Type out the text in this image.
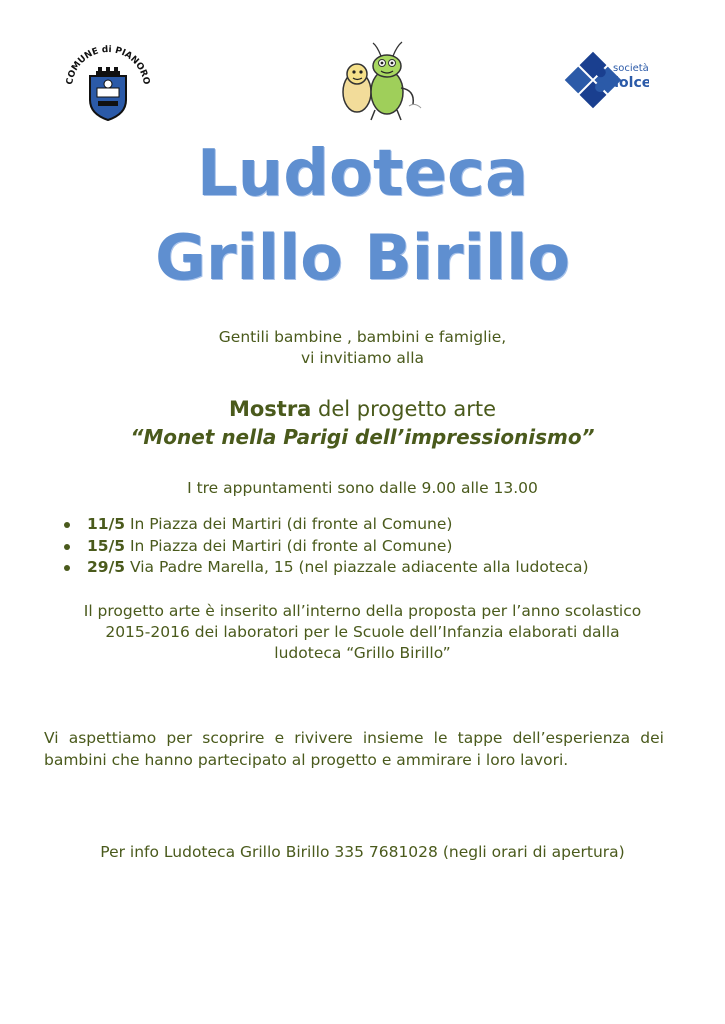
COMUNE di PIANORO
società
dolce
Ludoteca
Grillo Birillo
Gentili bambine , bambini e famiglie,
vi invitiamo alla
Mostra del progetto arte
“Monet nella Parigi dell’impressionismo”
I tre appuntamenti sono dalle 9.00 alle 13.00
11/5 In Piazza dei Martiri (di fronte al Comune)
15/5 In Piazza dei Martiri (di fronte al Comune)
29/5 Via Padre Marella, 15 (nel piazzale adiacente alla ludoteca)
Il progetto arte è inserito all’interno della proposta per l’anno scolastico
2015-2016 dei laboratori per le Scuole dell’Infanzia elaborati dalla
ludoteca “Grillo Birillo”
Vi aspettiamo per scoprire e rivivere insieme le tappe dell’esperienza dei bambini che hanno partecipato al progetto e ammirare i loro lavori.
Per info Ludoteca Grillo Birillo 335 7681028 (negli orari di apertura)
